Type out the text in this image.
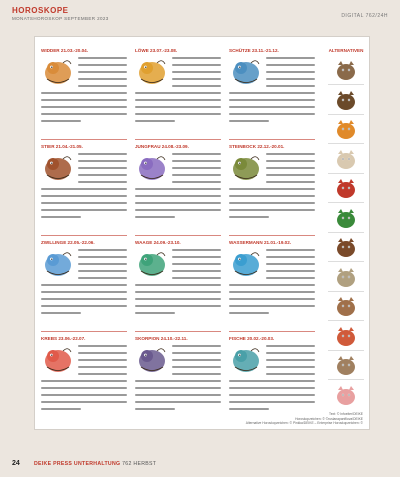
HOROSKOPE
MONATSHOROSKOP SEPTEMBER 2023	DIGITAL 762/24H
WIDDER 21.03.-20.04.
STIER 21.04.-21.05.
ZWILLINGE 22.05.-22.06.
KREBS 23.06.-22.07.
LÖWE 23.07.-23.08.
JUNGFRAU 24.08.-23.09.
WAAGE 24.09.-23.10.
SKORPION 24.10.-22.11.
SCHÜTZE 23.11.-21.12.
STEINBOCK 22.12.-20.01.
WASSERMANN 21.01.-19.02.
FISCHE 20.02.-20.03.
ALTERNATIVEN
Text: © Infoeiter/DEIKE
Horoskopzeichen: © ©ruslanapanfilova/DEIKE
Alternative Horoskopzeichen: © Pinkka/DEIKE – Enterprise Horoskopzeichen: ©
24	DEIKE PRESS UNTERHALTUNG 762 HERBST
